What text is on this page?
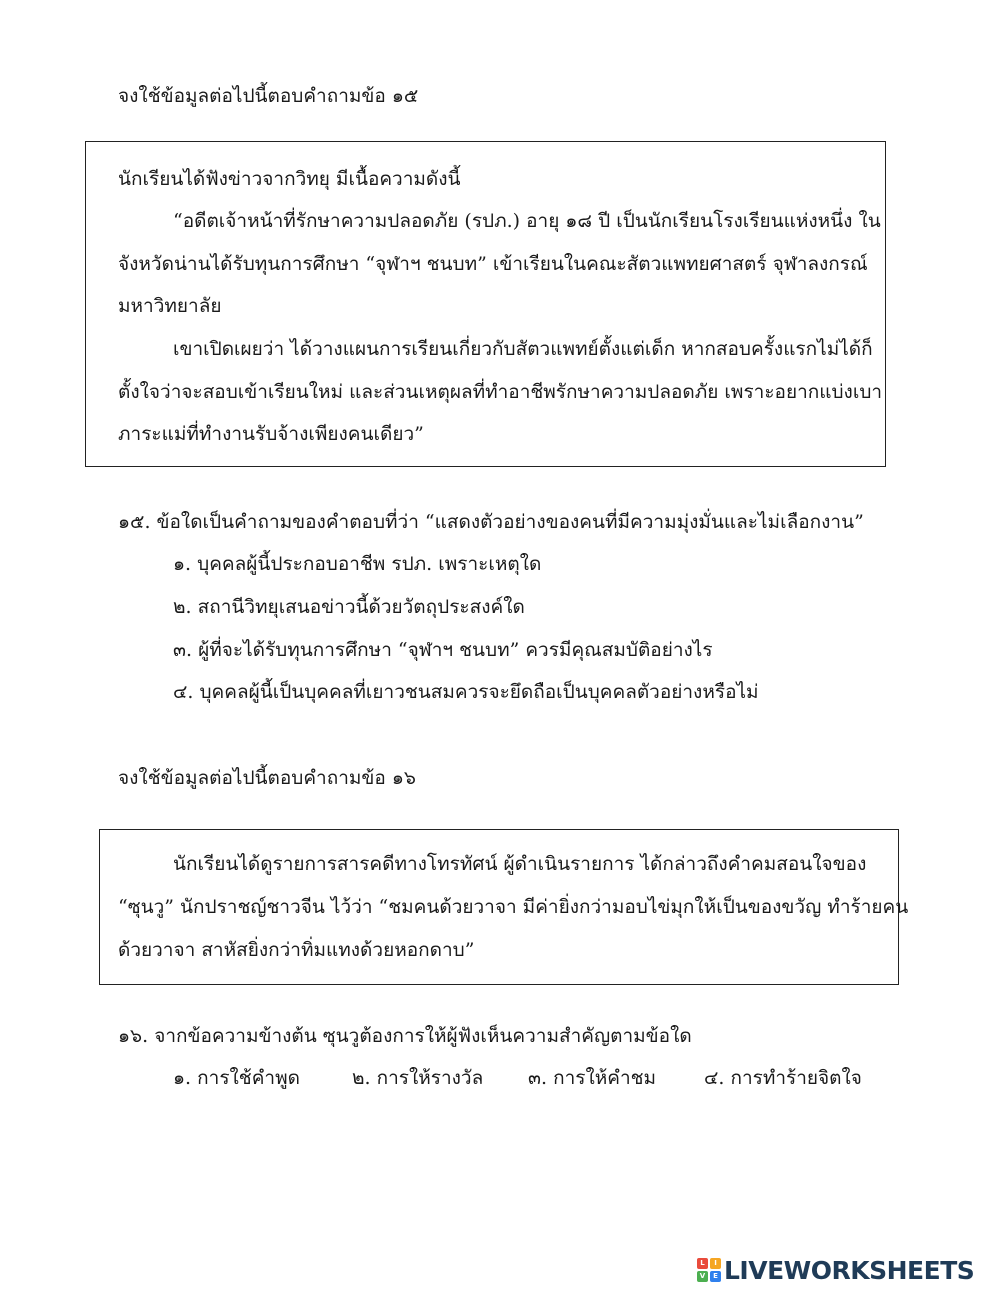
จงใช้ข้อมูลต่อไปนี้ตอบคำถามข้อ ๑๕
นักเรียนได้ฟังข่าวจากวิทยุ มีเนื้อความดังนี้
“อดีตเจ้าหน้าที่รักษาความปลอดภัย (รปภ.) อายุ ๑๘ ปี เป็นนักเรียนโรงเรียนแห่งหนึ่ง ใน
จังหวัดน่านได้รับทุนการศึกษา “จุฬาฯ ชนบท” เข้าเรียนในคณะสัตวแพทยศาสตร์ จุฬาลงกรณ์
มหาวิทยาลัย
เขาเปิดเผยว่า ได้วางแผนการเรียนเกี่ยวกับสัตวแพทย์ตั้งแต่เด็ก หากสอบครั้งแรกไม่ได้ก็
ตั้งใจว่าจะสอบเข้าเรียนใหม่ และส่วนเหตุผลที่ทำอาชีพรักษาความปลอดภัย เพราะอยากแบ่งเบา
ภาระแม่ที่ทำงานรับจ้างเพียงคนเดียว”
๑๕. ข้อใดเป็นคำถามของคำตอบที่ว่า “แสดงตัวอย่างของคนที่มีความมุ่งมั่นและไม่เลือกงาน”
๑. บุคคลผู้นี้ประกอบอาชีพ รปภ. เพราะเหตุใด
๒. สถานีวิทยุเสนอข่าวนี้ด้วยวัตถุประสงค์ใด
๓. ผู้ที่จะได้รับทุนการศึกษา “จุฬาฯ ชนบท” ควรมีคุณสมบัติอย่างไร
๔. บุคคลผู้นี้เป็นบุคคลที่เยาวชนสมควรจะยึดถือเป็นบุคคลตัวอย่างหรือไม่
จงใช้ข้อมูลต่อไปนี้ตอบคำถามข้อ ๑๖
นักเรียนได้ดูรายการสารคดีทางโทรทัศน์ ผู้ดำเนินรายการ ได้กล่าวถึงคำคมสอนใจของ
“ซุนวู” นักปราชญ์ชาวจีน ไว้ว่า “ชมคนด้วยวาจา มีค่ายิ่งกว่ามอบไข่มุกให้เป็นของขวัญ ทำร้ายคน
ด้วยวาจา สาหัสยิ่งกว่าทิ่มแทงด้วยหอกดาบ”
๑๖. จากข้อความข้างต้น ซุนวูต้องการให้ผู้ฟังเห็นความสำคัญตามข้อใด
๑. การใช้คำพูด	๒. การให้รางวัล ๓. การให้คำชม	๔. การทำร้ายจิตใจ
L	I
V	E LIVEWORKSHEETS
